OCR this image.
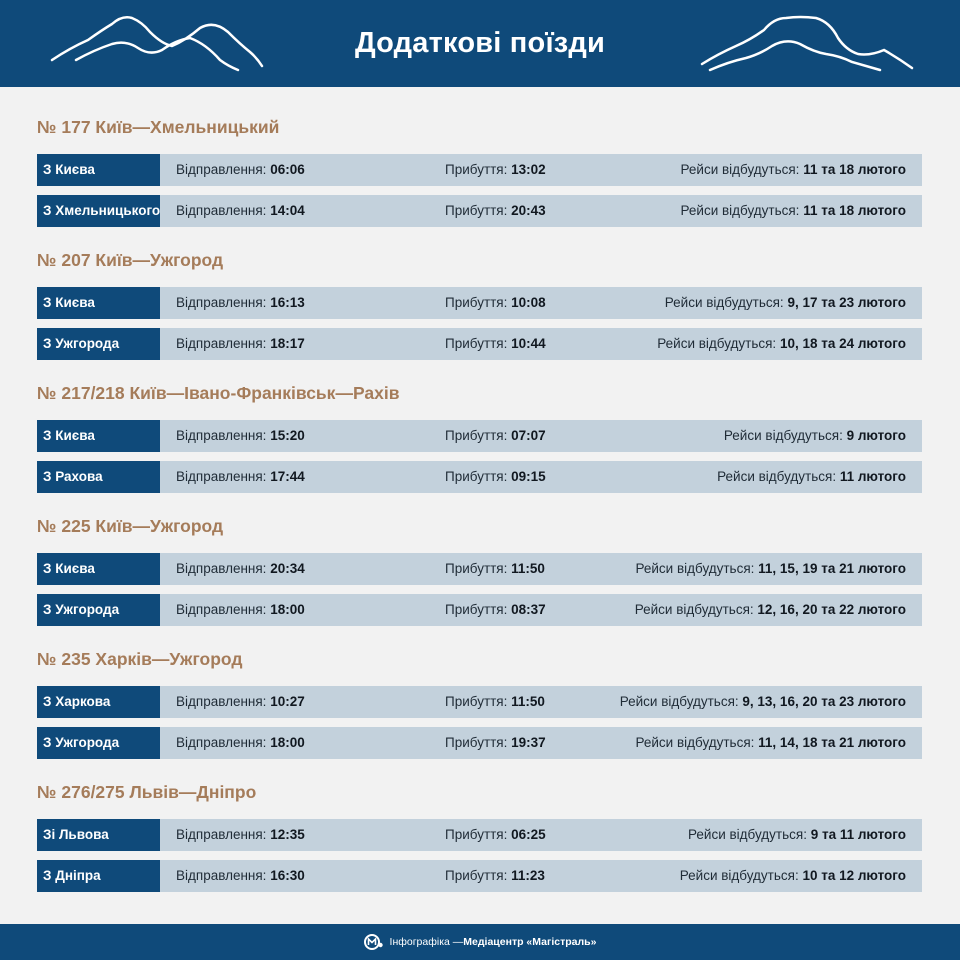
Додаткові поїзди
№ 177 Київ—Хмельницький
З Києва	Відправлення: 06:06	Прибуття: 13:02	Рейси відбудуться: 11 та 18 лютого
З Хмельницького Відправлення: 14:04	Прибуття: 20:43	Рейси відбудуться: 11 та 18 лютого
№ 207 Київ—Ужгород
З Києва	Відправлення: 16:13	Прибуття: 10:08	Рейси відбудуться: 9, 17 та 23 лютого
З Ужгорода	Відправлення: 18:17	Прибуття: 10:44	Рейси відбудуться: 10, 18 та 24 лютого
№ 217/218 Київ—Івано-Франківськ—Рахів
З Києва	Відправлення: 15:20	Прибуття: 07:07	Рейси відбудуться: 9 лютого
З Рахова	Відправлення: 17:44	Прибуття: 09:15	Рейси відбудуться: 11 лютого
№ 225 Київ—Ужгород
З Києва	Відправлення: 20:34	Прибуття: 11:50	Рейси відбудуться: 11, 15, 19 та 21 лютого
З Ужгорода	Відправлення: 18:00	Прибуття: 08:37	Рейси відбудуться: 12, 16, 20 та 22 лютого
№ 235 Харків—Ужгород
З Харкова	Відправлення: 10:27	Прибуття: 11:50	Рейси відбудуться: 9, 13, 16, 20 та 23 лютого
З Ужгорода	Відправлення: 18:00	Прибуття: 19:37	Рейси відбудуться: 11, 14, 18 та 21 лютого
№ 276/275 Львів—Дніпро
Зі Львова	Відправлення: 12:35	Прибуття: 06:25	Рейси відбудуться: 9 та 11 лютого
З Дніпра	Відправлення: 16:30	Прибуття: 11:23	Рейси відбудуться: 10 та 12 лютого
Інфографіка — Медіацентр «Магістраль»
